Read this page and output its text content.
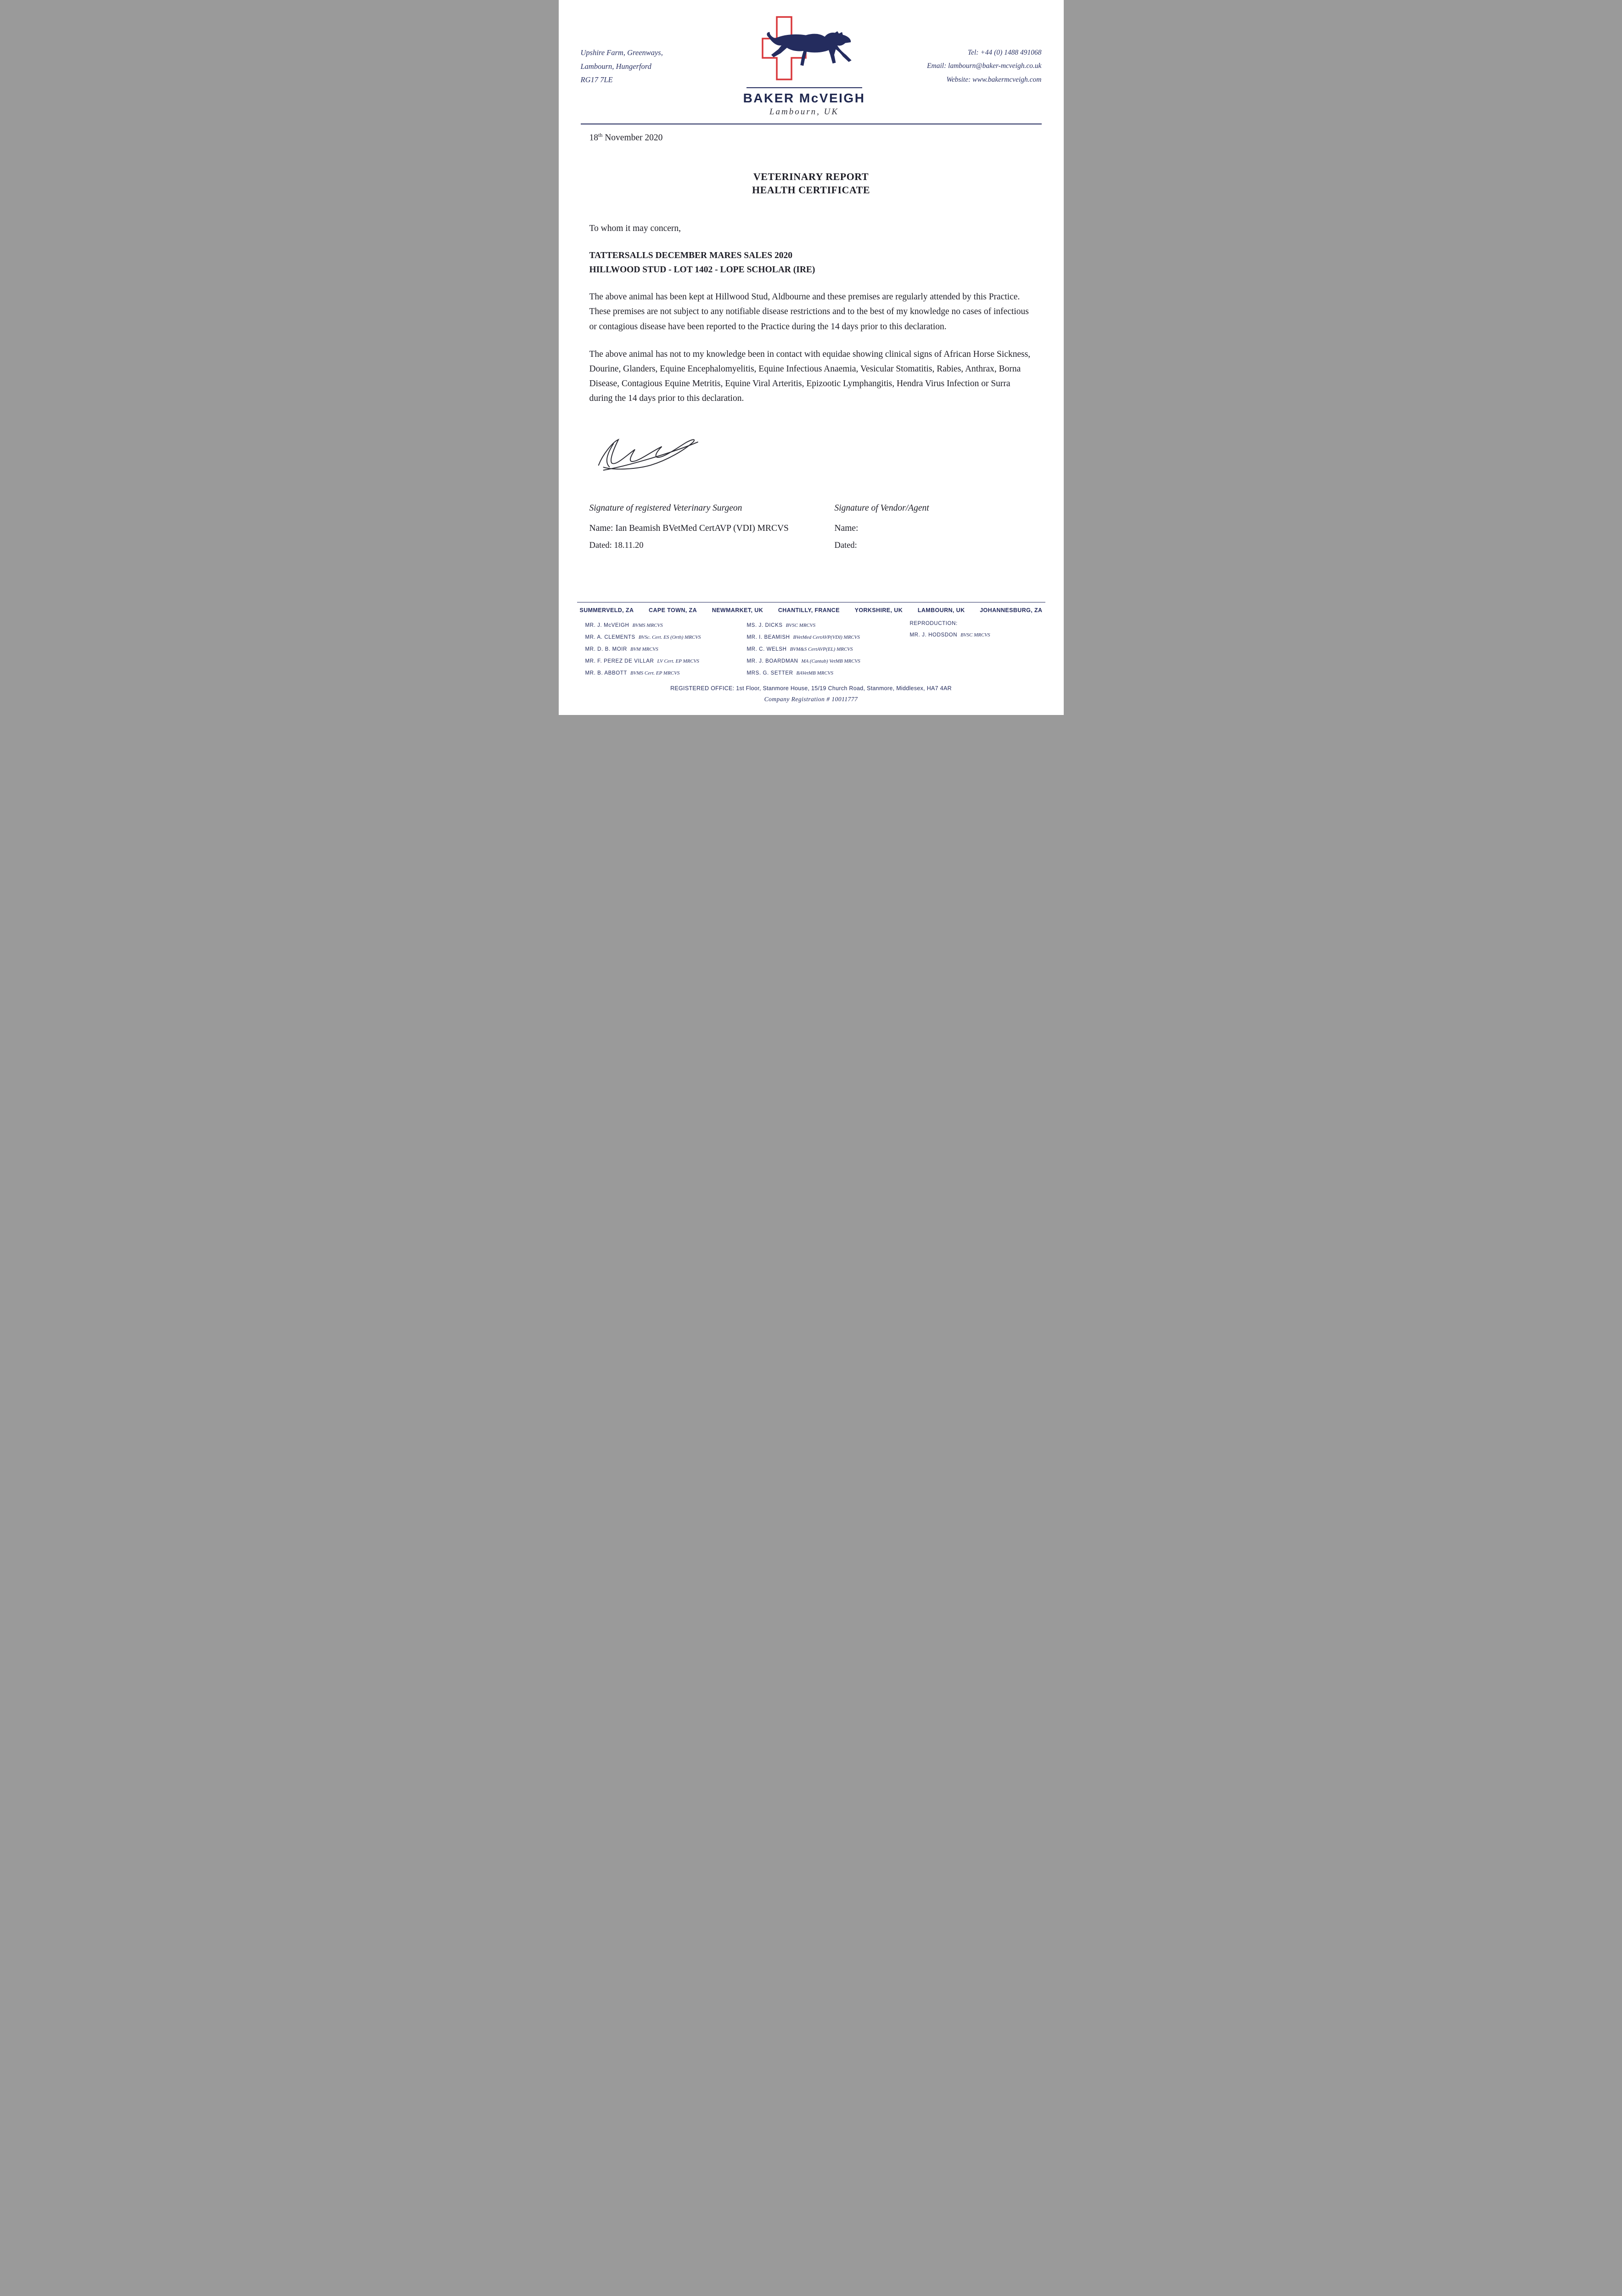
Upshire Farm, Greenways,
Lambourn, Hungerford
RG17 7LE
BAKER McVEIGH
Lambourn, UK
Tel: +44 (0) 1488 491068
Email: lambourn@baker-mcveigh.co.uk
Website: www.bakermcveigh.com

18th November 2020

VETERINARY REPORT
HEALTH CERTIFICATE

To whom it may concern,

TATTERSALLS DECEMBER MARES SALES 2020
HILLWOOD STUD - LOT 1402 - LOPE SCHOLAR (IRE)

The above animal has been kept at Hillwood Stud, Aldbourne and these premises are regularly attended by this Practice. These premises are not subject to any notifiable disease restrictions and to the best of my knowledge no cases of infectious or contagious disease have been reported to the Practice during the 14 days prior to this declaration.

The above animal has not to my knowledge been in contact with equidae showing clinical signs of African Horse Sickness, Dourine, Glanders, Equine Encephalomyelitis, Equine Infectious Anaemia, Vesicular Stomatitis, Rabies, Anthrax, Borna Disease, Contagious Equine Metritis, Equine Viral Arteritis, Epizootic Lymphangitis, Hendra Virus Infection or Surra during the 14 days prior to this declaration.

Signature of registered Veterinary Surgeon
Name: Ian Beamish BVetMed CertAVP (VDI) MRCVS
Dated: 18.11.20
Signature of Vendor/Agent
Name:
Dated:
SUMMERVELD, ZA	CAPE TOWN, ZA	NEWMARKET, UK	CHANTILLY, FRANCE	YORKSHIRE, UK	LAMBOURN, UK	JOHANNESBURG, ZA
MR. J. McVEIGH BVMS MRCVS
MR. A. CLEMENTS BVSc. Cert. ES (Orth) MRCVS
MR. D. B. MOIR BVM MRCVS
MR. F. PEREZ DE VILLAR LV Cert. EP MRCVS
MR. B. ABBOTT BVMS Cert. EP MRCVS
MS. J. DICKS BVSC MRCVS
MR. I. BEAMISH BVetMed CertAVP(VDI) MRCVS
MR. C. WELSH BVM&S CertAVP(EL) MRCVS
MR. J. BOARDMAN MA (Cantab) VetMB MRCVS
MRS. G. SETTER BAVetMB MRCVS
REPRODUCTION:
MR. J. HODSDON BVSC MRCVS
REGISTERED OFFICE: 1st Floor, Stanmore House, 15/19 Church Road, Stanmore, Middlesex, HA7 4AR
Company Registration # 10011777
